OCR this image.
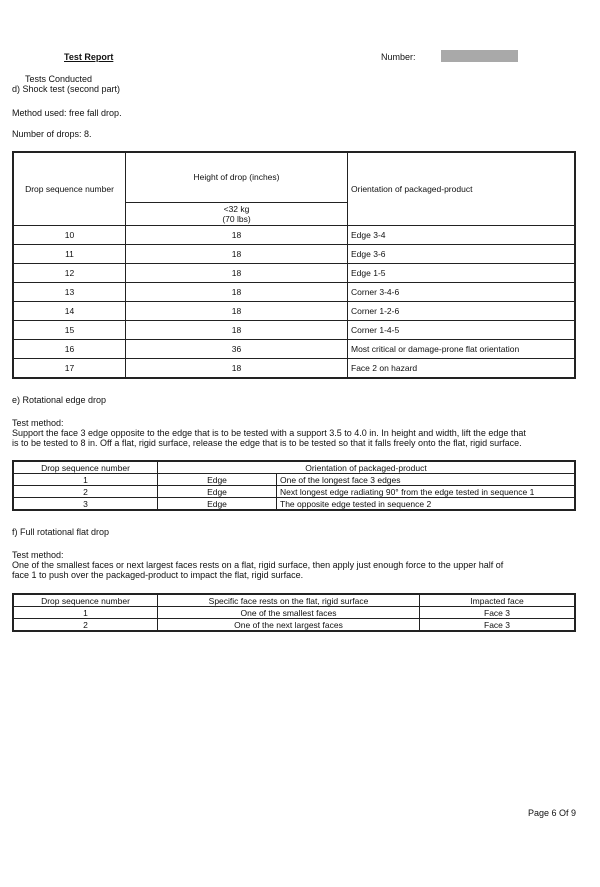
Test Report	Number:
Tests Conducted
d) Shock test (second part)
Method used: free fall drop.
Number of drops: 8.
Drop sequence number	Height of drop (inches)	Orientation of packaged-product

	<32 kg
(70 lbs)	

10	18	Edge 3-4
11	18	Edge 3-6
12	18	Edge 1-5
13	18	Corner 3-4-6
14	18	Corner 1-2-6
15	18	Corner 1-4-5
16	36	Most critical or damage-prone flat orientation
17	18	Face 2 on hazard
e) Rotational edge drop
Test method:
Support the face 3 edge opposite to the edge that is to be tested with a support 3.5 to 4.0 in. In height and width, lift the edge that
is to be tested to 8 in. Off a flat, rigid surface, release the edge that is to be tested so that it falls freely onto the flat, rigid surface.
Drop sequence number	Orientation of packaged-product	
1	Edge	One of the longest face 3 edges
2	Edge	Next longest edge radiating 90° from the edge tested in sequence 1
3	Edge	The opposite edge tested in sequence 2
f) Full rotational flat drop
Test method:
One of the smallest faces or next largest faces rests on a flat, rigid surface, then apply just enough force to the upper half of
face 1 to push over the packaged-product to impact the flat, rigid surface.
Drop sequence number	Specific face rests on the flat, rigid surface	Impacted face
1	One of the smallest faces	Face 3
2	One of the next largest faces	Face 3
Page 6 Of 9
